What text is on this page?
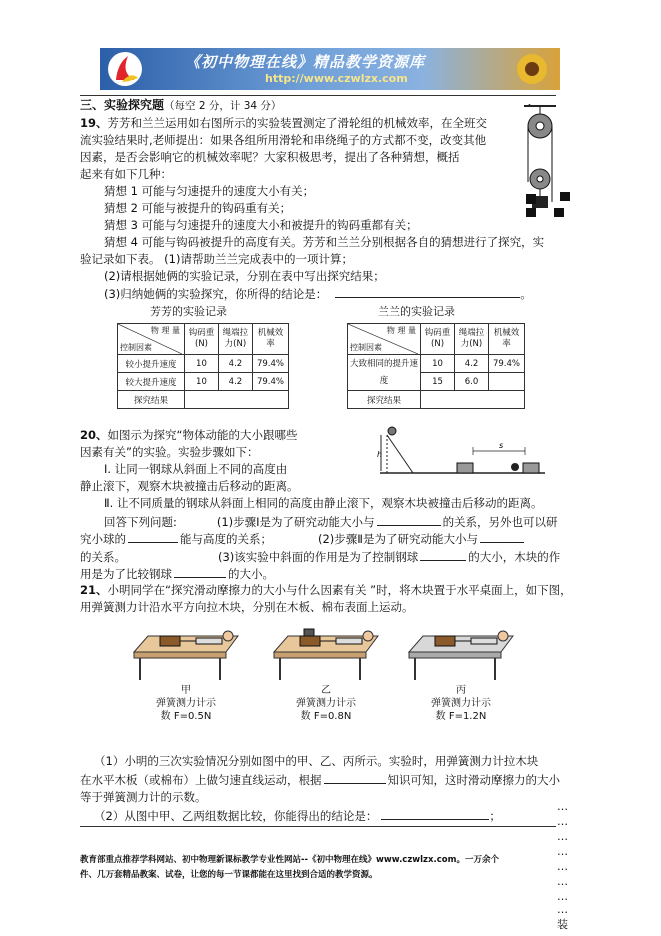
《初中物理在线》精品教学资源库
http://www.czwlzx.com
三、实验探究题（每空 2 分，计 34 分）
19、芳芳和兰兰运用如右图所示的实验装置测定了滑轮组的机械效率，在全班交
流实验结果时,老师提出：如果各组所用滑轮和串绕绳子的方式都不变，改变其他
因素，是否会影响它的机械效率呢？大家积极思考，提出了各种猜想，概括
起来有如下几种：
猜想 1 可能与匀速提升的速度大小有关；
猜想 2 可能与被提升的钩码重有关；
猜想 3 可能与匀速提升的速度大小和被提升的钩码重都有关；
猜想 4 可能与钩码被提升的高度有关。芳芳和兰兰分别根据各自的猜想进行了探究，实
验记录如下表。 (1)请帮助兰兰完成表中的一项计算；
(2)请根据她俩的实验记录，分别在表中写出探究结果；
(3)归纳她俩的实验探究，你所得的结论是：	。
芳芳的实验记录	兰兰的实验记录
物 理 量
控制因素	钩码重 (N)	绳端拉力(N)	机械效率
较小提升速度	10	4.2	79.4%
较大提升速度	10	4.2	79.4%
探究结果			
物 理 量
控制因素	钩码重 (N)	绳端拉力(N)	机械效率
大致相同的提升速度	10	4.2	79.4%
	15	6.0	
探究结果			
20、如图示为探究“物体动能的大小跟哪些
因素有关”的实验。实验步骤如下：
Ⅰ. 让同一钢球从斜面上不同的高度由
静止滚下，观察木块被撞击后移动的距离。
Ⅱ. 让不同质量的钢球从斜面上相同的高度由静止滚下，观察木块被撞击后移动的距离。
回答下列问题:	(1)步骤Ⅰ是为了研究动能大小与	的关系，另外也可以研
究小球的	能与高度的关系；	(2)步骤Ⅱ是为了研究动能大小与
的关系。	(3)该实验中斜面的作用是为了控制钢球	的大小，木块的作
用是为了比较钢球	的大小。
h
s
21、小明同学在“探究滑动摩擦力的大小与什么因素有关 ”时，将木块置于水平桌面上，如下图，
用弹簧测力计沿水平方向拉木块，分别在木板、棉布表面上运动。
甲
弹簧测力计示
数 F=0.5N
乙
弹簧测力计示
数 F=0.8N
丙
弹簧测力计示
数 F=1.2N
（1）小明的三次实验情况分别如图中的甲、乙、丙所示。实验时，用弹簧测力计拉木块
在水平木板（或棉布）上做匀速直线运动，根据	知识可知，这时滑动摩擦力的大小
等于弹簧测力计的示数。
（2）从图中甲、乙两组数据比较，你能得出的结论是：	；
教育部重点推荐学科网站、初中物理新课标教学专业性网站--《初中物理在线》www.czwlzx.com。一万余个
件、几万套精品教案、试卷，让您的每一节课都能在这里找到合适的教学资源。
…
…
…
…
…
…
…
…
装
